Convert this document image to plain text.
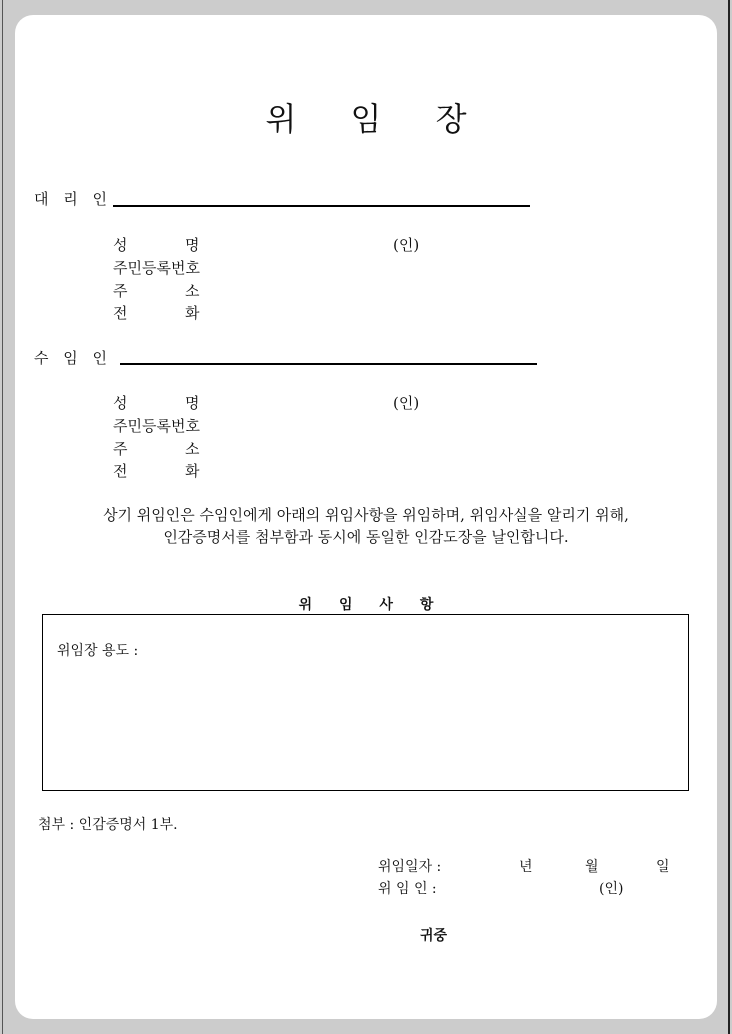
위 임 장
대 리 인
성	명	(인)
주민등록번호
주	소
전	화
수 임 인
성	명	(인)
주민등록번호
주	소
전	화
상기 위임인은 수임인에게 아래의 위임사항을 위임하며, 위임사실을 알리기 위해,
인감증명서를 첨부함과 동시에 동일한 인감도장을 날인합니다.
위 임 사 항
위임장 용도 :
첨부 : 인감증명서 1부.
위임일자 :	년	월	일
위 임 인 :	(인)
귀중
